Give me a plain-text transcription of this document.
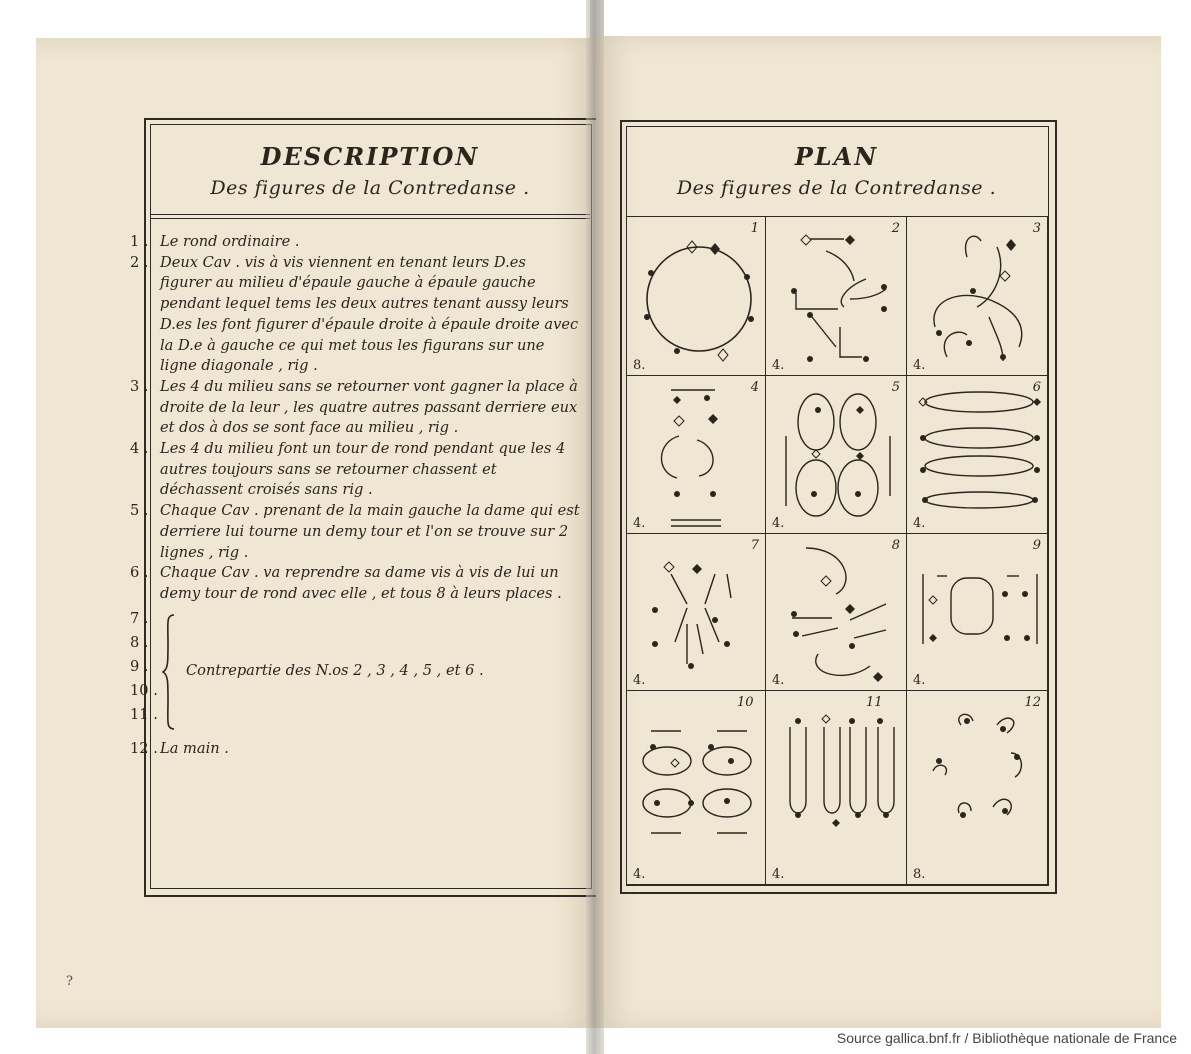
DESCRIPTION
Des figures de la Contredanse .

1 . Le rond ordinaire .

2 . Deux Cav . vis à vis viennent en tenant leurs D.es figurer au milieu d'épaule gauche à épaule gauche pendant lequel tems les deux autres tenant aussy leurs D.es les font figurer d'épaule droite à épaule droite avec la D.e à gauche ce qui met tous les figurans sur une ligne diagonale , rig .

3 . Les 4 du milieu sans se retourner vont gagner la place à droite de la leur , les quatre autres passant derriere eux et dos à dos se sont face au milieu , rig .

4 . Les 4 du milieu font un tour de rond pendant que les 4 autres toujours sans se retourner chassent et déchassent croisés sans rig .

5 . Chaque Cav . prenant de la main gauche la dame qui est derriere lui tourne un demy tour et l'on se trouve sur 2 lignes , rig .

6 . Chaque Cav . va reprendre sa dame vis à vis de lui un demy tour de rond avec elle , et tous 8 à leurs places .

7 .
8 .
9 .
10 .
11 .
Contrepartie des N.os 2 , 3 , 4 , 5 , et 6 .

12 . La main .

?
PLAN
Des figures de la Contredanse .
1
8.
2
4.
3
4.
4
4.
5
4.
6
4.
7
4.
8
4.
9
4.
10
4.
11
4.
12
8.
Source gallica.bnf.fr / Bibliothèque nationale de France
